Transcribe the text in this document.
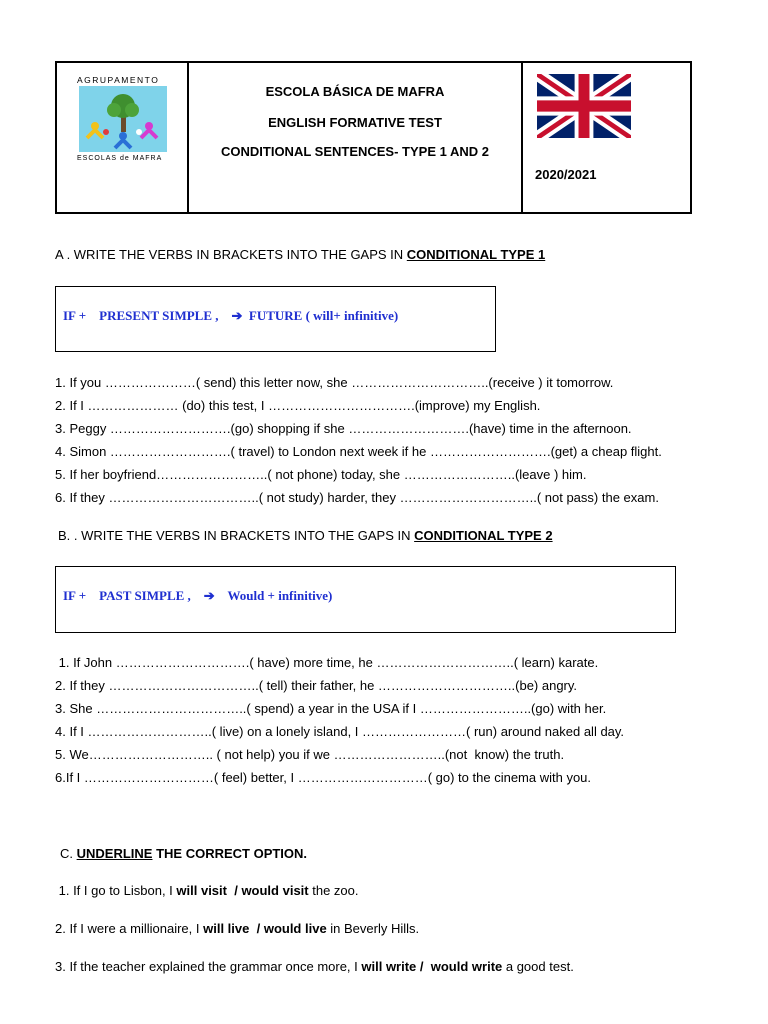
AGRUPAMENTO
ESCOLAS de MAFRA
ESCOLA BÁSICA DE MAFRA
ENGLISH FORMATIVE TEST
CONDITIONAL SENTENCES- TYPE 1 AND 2
2020/2021
A . WRITE THE VERBS IN BRACKETS INTO THE GAPS IN CONDITIONAL TYPE 1
IF +    PRESENT SIMPLE ,    ➔  FUTURE ( will+ infinitive)
1. If you …………………( send) this letter now, she …………………………..(receive ) it tomorrow.
2. If I ………………… (do) this test, I …………………………….(improve) my English.
3. Peggy ……………………….(go) shopping if she ……………………….(have) time in the afternoon.
4. Simon ……………………….( travel) to London next week if he ……………………….(get) a cheap flight.
5. If her boyfriend……………………..( not phone) today, she ……………………..(leave ) him.
6. If they ……………………………..( not study) harder, they …………………………..( not pass) the exam.
B. . WRITE THE VERBS IN BRACKETS INTO THE GAPS IN CONDITIONAL TYPE 2
IF +    PAST SIMPLE ,    ➔    Would + infinitive)
1. If John ………………………….( have) more time, he …………………………..( learn) karate.
2. If they ……………………………..( tell) their father, he …………………………..(be) angry.
3. She ……………………………..( spend) a year in the USA if I ……………………..(go) with her.
4. If I ………………………..( live) on a lonely island, I ……………………( run) around naked all day.
5. We……………………….. ( not help) you if we ……………………..(not  know) the truth.
6.If I …………………………( feel) better, I …………………………( go) to the cinema with you.
C. UNDERLINE THE CORRECT OPTION.
1. If I go to Lisbon, I will visit  / would visit the zoo.
2. If I were a millionaire, I will live  / would live in Beverly Hills.
3. If the teacher explained the grammar once more, I will write /  would write a good test.
